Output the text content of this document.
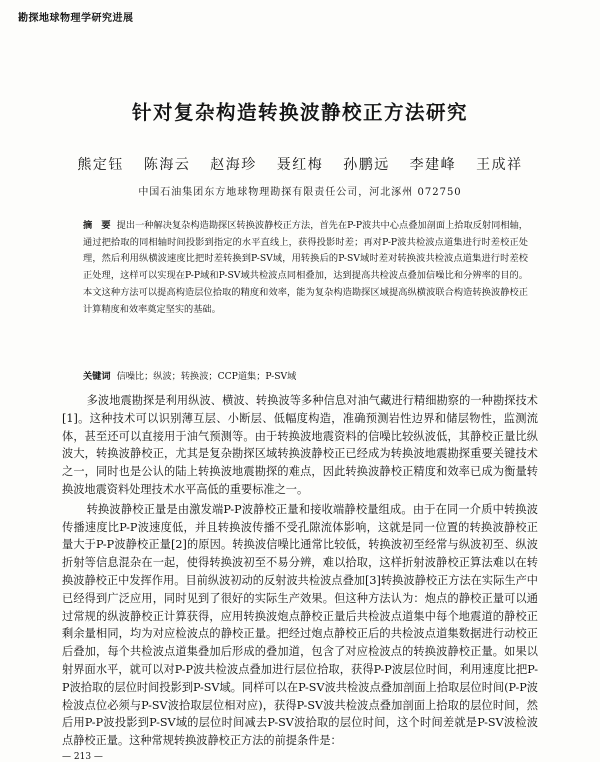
勘探地球物理学研究进展
针对复杂构造转换波静校正方法研究
熊定钰 陈海云 赵海珍 聂红梅 孙鹏远 李建峰 王成祥
中国石油集团东方地球物理勘探有限责任公司，河北涿州 072750
摘　要 提出一种解决复杂构造勘探区转换波静校正方法，首先在P-P波共中心点叠加剖面上拾取反射同相轴，通过把拾取的同相轴时间投影到指定的水平直线上，获得投影时差；再对P-P波共检波点道集进行时差校正处理，然后利用纵横波速度比把时差转换到P-SV域，用转换后的P-SV域时差对转换波共检波点道集进行时差校正处理，这样可以实现在P-P域和P-SV域共检波点同相叠加，达到提高共检波点叠加信噪比和分辨率的目的。本文这种方法可以提高构造层位拾取的精度和效率，能为复杂构造勘探区域提高纵横波联合构造转换波静校正计算精度和效率奠定坚实的基础。
关键词 信噪比；纵波；转换波；CCP道集；P-SV域

多波地震勘探是利用纵波、横波、转换波等多种信息对油气藏进行精细勘察的一种勘探技术[1]。这种技术可以识别薄互层、小断层、低幅度构造，准确预测岩性边界和储层物性，监测流体，甚至还可以直接用于油气预测等。由于转换波地震资料的信噪比较纵波低，其静校正量比纵波大，转换波静校正，尤其是复杂勘探区域转换波静校正已经成为转换波地震勘探重要关键技术之一，同时也是公认的陆上转换波地震勘探的难点，因此转换波静校正精度和效率已成为衡量转换波地震资料处理技术水平高低的重要标准之一。

转换波静校正量是由激发端P-P波静校正量和接收端静校量组成。由于在同一介质中转换波传播速度比P-P波速度低，并且转换波传播不受孔隙流体影响，这就是同一位置的转换波静校正量大于P-P波静校正量[2]的原因。转换波信噪比通常比较低，转换波初至经常与纵波初至、纵波折射等信息混杂在一起，使得转换波初至不易分辨，难以拾取，这样折射波静校正算法难以在转换波静校正中发挥作用。目前纵波初动的反射波共检波点叠加[3]转换波静校正方法在实际生产中已经得到广泛应用，同时见到了很好的实际生产效果。但这种方法认为：炮点的静校正量可以通过常规的纵波静校正计算获得，应用转换波炮点静校正量后共检波点道集中每个地震道的静校正剩余量相同，均为对应检波点的静校正量。把经过炮点静校正后的共检波点道集数据进行动校正后叠加，每个共检波点道集叠加后形成的叠加道，包含了对应检波点的转换波静校正量。如果以射界面水平，就可以对P-P波共检波点叠加进行层位拾取，获得P-P波层位时间，利用速度比把P-P波拾取的层位时间投影到P-SV域。同样可以在P-SV波共检波点叠加剖面上拾取层位时间(P-P波检波点位必须与P-SV波拾取层位相对应)，获得P-SV波共检波点叠加剖面上拾取的层位时间，然后用P-P波投影到P-SV域的层位时间减去P-SV波拾取的层位时间，这个时间差就是P-SV波检波点静校正量。这种常规转换波静校正方法的前提条件是：

— 213 —
